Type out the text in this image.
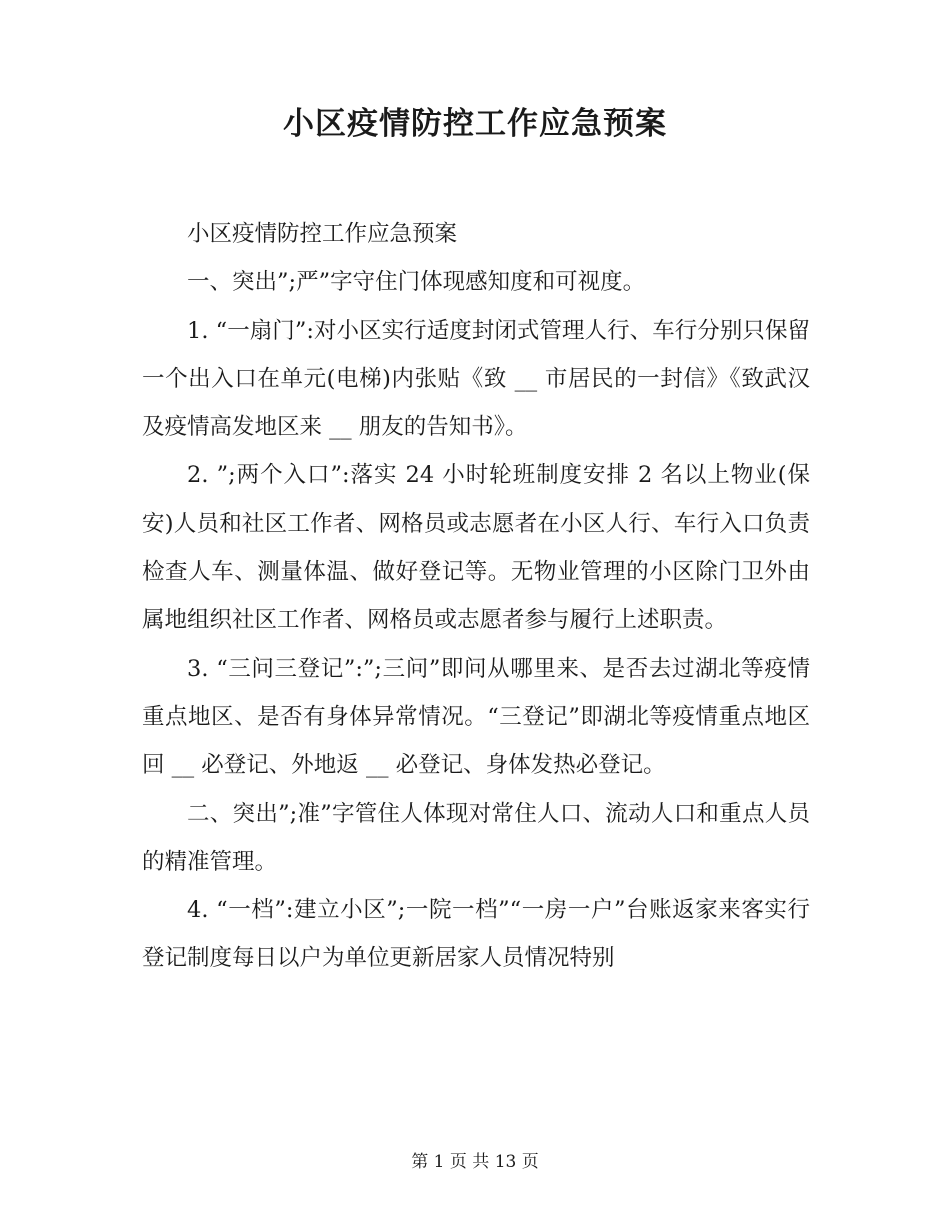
小区疫情防控工作应急预案

小区疫情防控工作应急预案

一、突出”;严”字守住门体现感知度和可视度。

1. “一扇门”:对小区实行适度封闭式管理人行、车行分别只保留一个出入口在单元(电梯)内张贴《致 __ 市居民的一封信》《致武汉及疫情高发地区来 __ 朋友的告知书》。

2. ”;两个入口”:落实 24 小时轮班制度安排 2 名以上物业(保安)人员和社区工作者、网格员或志愿者在小区人行、车行入口负责检查人车、测量体温、做好登记等。无物业管理的小区除门卫外由属地组织社区工作者、网格员或志愿者参与履行上述职责。

3. “三问三登记”:”;三问”即问从哪里来、是否去过湖北等疫情重点地区、是否有身体异常情况。“三登记”即湖北等疫情重点地区回 __ 必登记、外地返 __ 必登记、身体发热必登记。

二、突出”;准”字管住人体现对常住人口、流动人口和重点人员的精准管理。

4. “一档”:建立小区”;一院一档”“一房一户”台账返家来客实行登记制度每日以户为单位更新居家人员情况特别

第 1 页 共 13 页
